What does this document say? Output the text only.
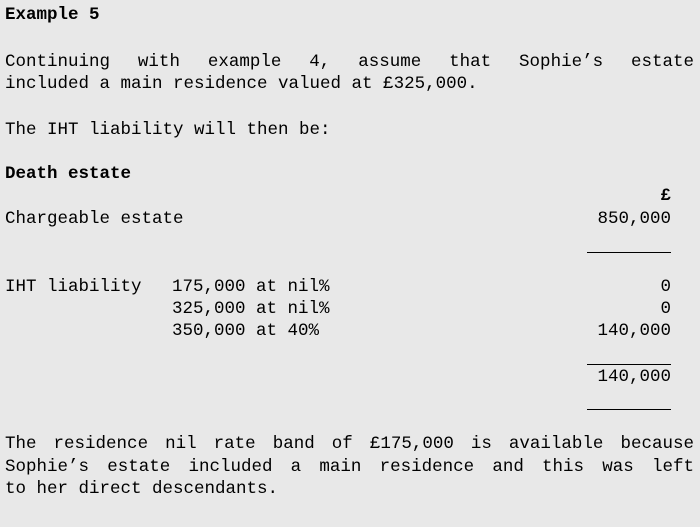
Example 5
Continuing with example 4, assume that Sophie’s estate
included a main residence valued at £325,000.
The IHT liability will then be:
Death estate
£
Chargeable estate	850,000
IHT liability 175,000 at nil%	0
325,000 at nil%	0
350,000 at 40%	140,000
140,000
The residence nil rate band of £175,000 is available because
Sophie’s estate included a main residence and this was left
to her direct descendants.
